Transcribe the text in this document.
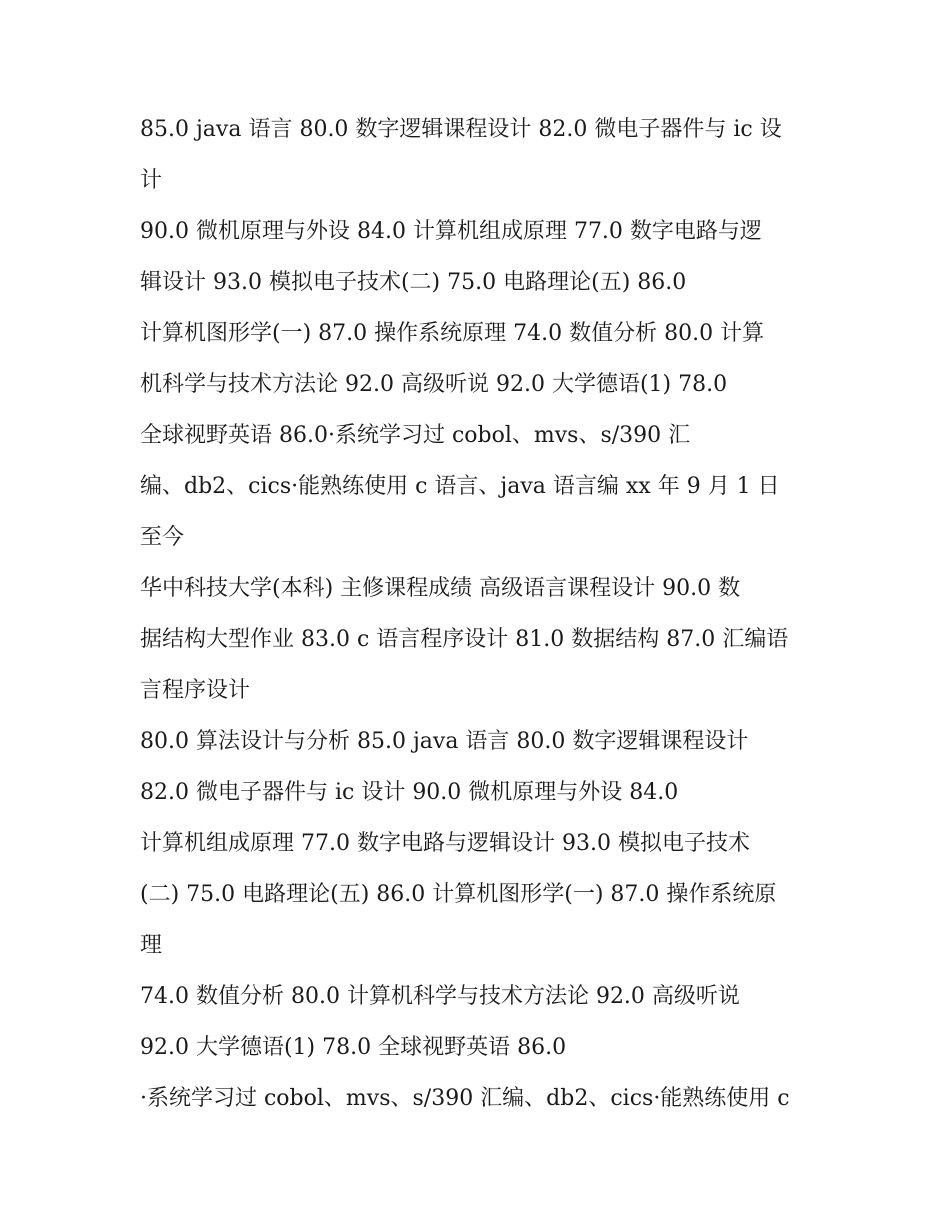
85.0 java 语言 80.0 数字逻辑课程设计 82.0 微电子器件与 ic 设
计
90.0 微机原理与外设 84.0 计算机组成原理 77.0 数字电路与逻
辑设计 93.0 模拟电子技术(二) 75.0 电路理论(五) 86.0
计算机图形学(一) 87.0 操作系统原理 74.0 数值分析 80.0 计算
机科学与技术方法论 92.0 高级听说 92.0 大学德语(1) 78.0
全球视野英语 86.0·系统学习过 cobol、mvs、s/390 汇
编、db2、cics·能熟练使用 c 语言、java 语言编 xx 年 9 月 1 日
至今
华中科技大学(本科) 主修课程成绩 高级语言课程设计 90.0 数
据结构大型作业 83.0 c 语言程序设计 81.0 数据结构 87.0 汇编语
言程序设计
80.0 算法设计与分析 85.0 java 语言 80.0 数字逻辑课程设计
82.0 微电子器件与 ic 设计 90.0 微机原理与外设 84.0
计算机组成原理 77.0 数字电路与逻辑设计 93.0 模拟电子技术
(二) 75.0 电路理论(五) 86.0 计算机图形学(一) 87.0 操作系统原
理
74.0 数值分析 80.0 计算机科学与技术方法论 92.0 高级听说
92.0 大学德语(1) 78.0 全球视野英语 86.0
·系统学习过 cobol、mvs、s/390 汇编、db2、cics·能熟练使用 c
